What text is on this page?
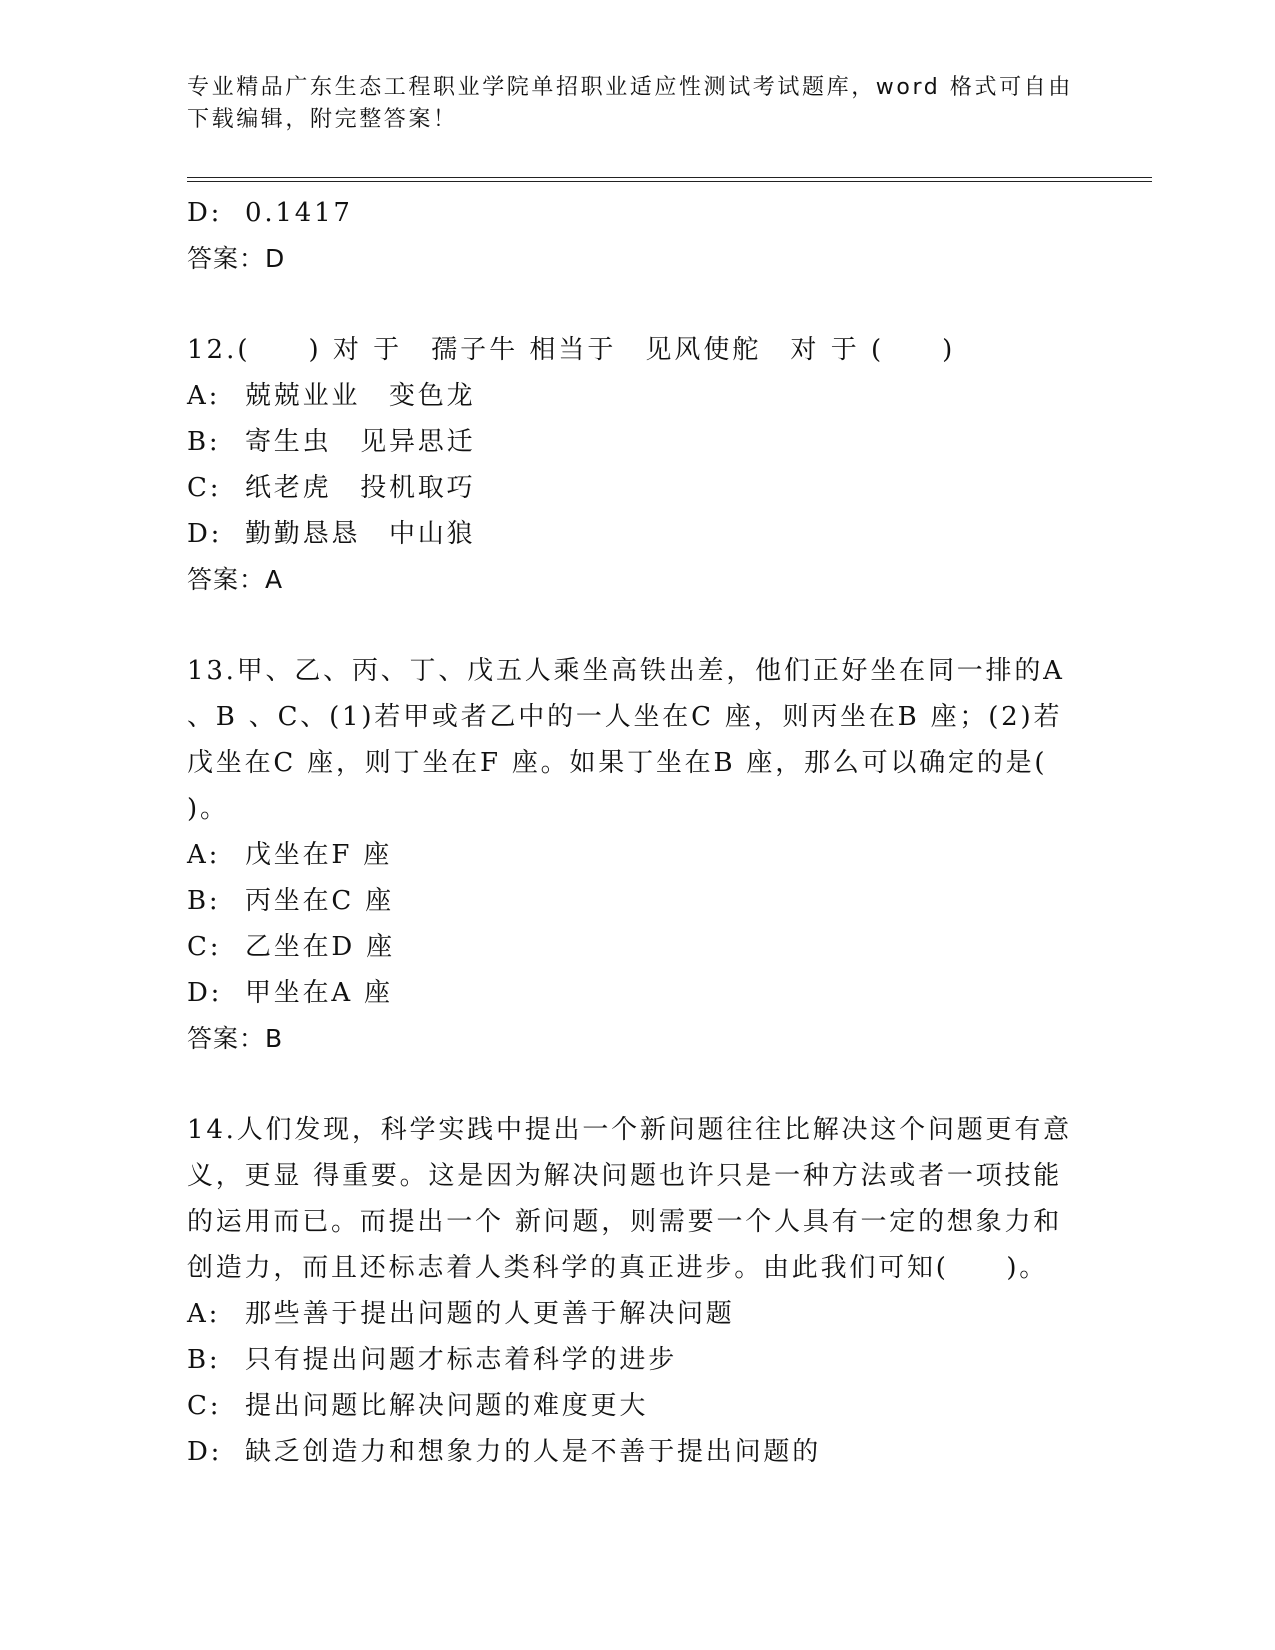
专业精品广东生态工程职业学院单招职业适应性测试考试题库，word 格式可自由
下载编辑，附完整答案！
D: 0.1417
答案：D
12.(　　) 对 于　孺子牛 相当于　见风使舵　对 于 (　　)
A: 兢兢业业　变色龙
B: 寄生虫　见异思迁
C: 纸老虎　投机取巧
D: 勤勤恳恳　中山狼
答案：A
13.甲、乙、丙、丁、戊五人乘坐高铁出差，他们正好坐在同一排的A
、B 、C、(1)若甲或者乙中的一人坐在C 座，则丙坐在B 座；(2)若
戊坐在C 座，则丁坐在F 座。如果丁坐在B 座，那么可以确定的是(
)。
A: 戊坐在F 座
B: 丙坐在C 座
C: 乙坐在D 座
D: 甲坐在A 座
答案：B
14.人们发现，科学实践中提出一个新问题往往比解决这个问题更有意
义，更显 得重要。这是因为解决问题也许只是一种方法或者一项技能
的运用而已。而提出一个 新问题，则需要一个人具有一定的想象力和
创造力，而且还标志着人类科学的真正进步。由此我们可知(　　)。
A: 那些善于提出问题的人更善于解决问题
B: 只有提出问题才标志着科学的进步
C: 提出问题比解决问题的难度更大
D: 缺乏创造力和想象力的人是不善于提出问题的
